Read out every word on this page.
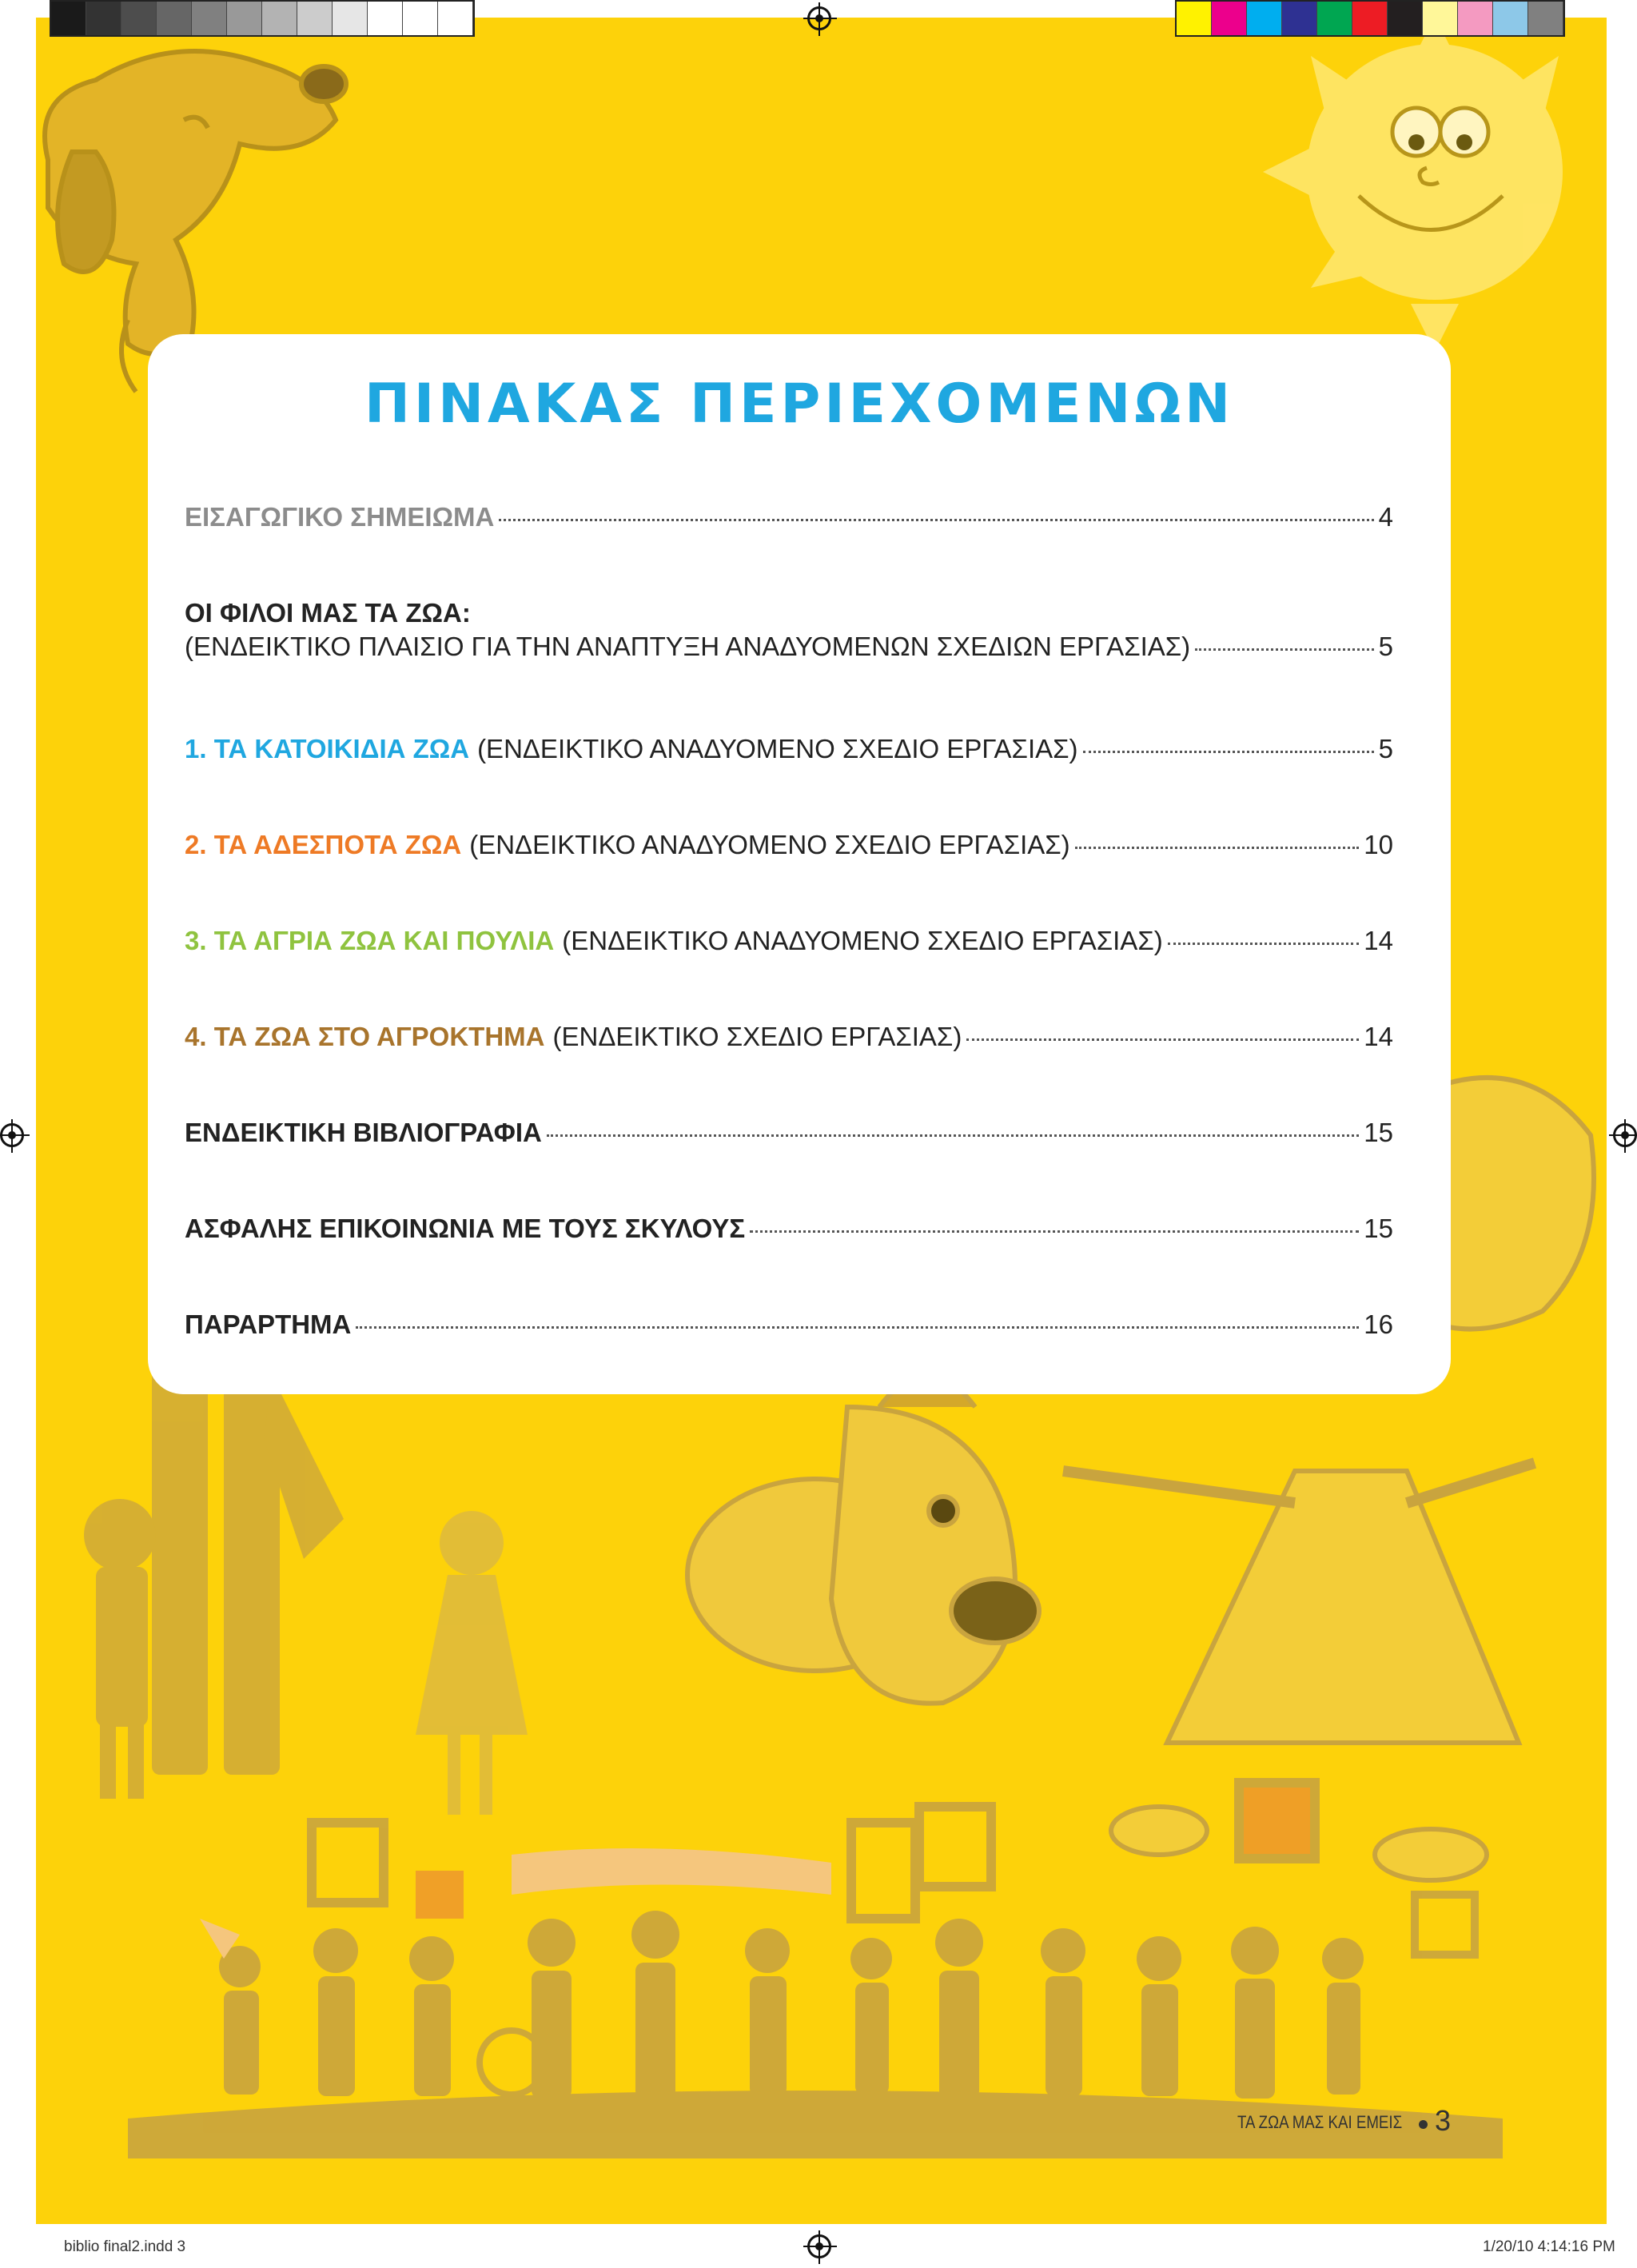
ΠΙΝΑΚΑΣ ΠΕΡΙΕΧΟΜΕΝΩΝ
ΕΙΣΑΓΩΓΙΚΟ ΣΗΜΕΙΩΜΑ	4
ΟΙ ΦΙΛΟΙ ΜΑΣ ΤΑ ΖΩΑ:
(ΕΝΔΕΙΚΤΙΚΟ ΠΛΑΙΣΙΟ ΓΙΑ ΤΗΝ ΑΝΑΠΤΥΞΗ ΑΝΑΔΥΟΜΕΝΩΝ ΣΧΕΔΙΩΝ ΕΡΓΑΣΙΑΣ)	5
1. ΤΑ ΚΑΤΟΙΚΙΔΙΑ ΖΩΑ (ΕΝΔΕΙΚΤΙΚΟ ΑΝΑΔΥΟΜΕΝΟ ΣΧΕΔΙΟ ΕΡΓΑΣΙΑΣ)	5
2. ΤΑ ΑΔΕΣΠΟΤΑ ΖΩΑ (ΕΝΔΕΙΚΤΙΚΟ ΑΝΑΔΥΟΜΕΝΟ ΣΧΕΔΙΟ ΕΡΓΑΣΙΑΣ)	10
3. ΤΑ ΑΓΡΙΑ ΖΩΑ ΚΑΙ ΠΟΥΛΙΑ (ΕΝΔΕΙΚΤΙΚΟ ΑΝΑΔΥΟΜΕΝΟ ΣΧΕΔΙΟ ΕΡΓΑΣΙΑΣ)	14
4. ΤΑ ΖΩΑ ΣΤΟ ΑΓΡΟΚΤΗΜΑ (ΕΝΔΕΙΚΤΙΚΟ ΣΧΕΔΙΟ ΕΡΓΑΣΙΑΣ)	14
ΕΝΔΕΙΚΤΙΚΗ ΒΙΒΛΙΟΓΡΑΦΙΑ	15
ΑΣΦΑΛΗΣ ΕΠΙΚΟΙΝΩΝΙΑ ΜΕ ΤΟΥΣ ΣΚΥΛΟΥΣ	15
ΠΑΡΑΡΤΗΜΑ	16
ΤΑ ΖΩΑ ΜΑΣ ΚΑΙ ΕΜΕΙΣ 3
biblio final2.indd 3	1/20/10 4:14:16 PM
